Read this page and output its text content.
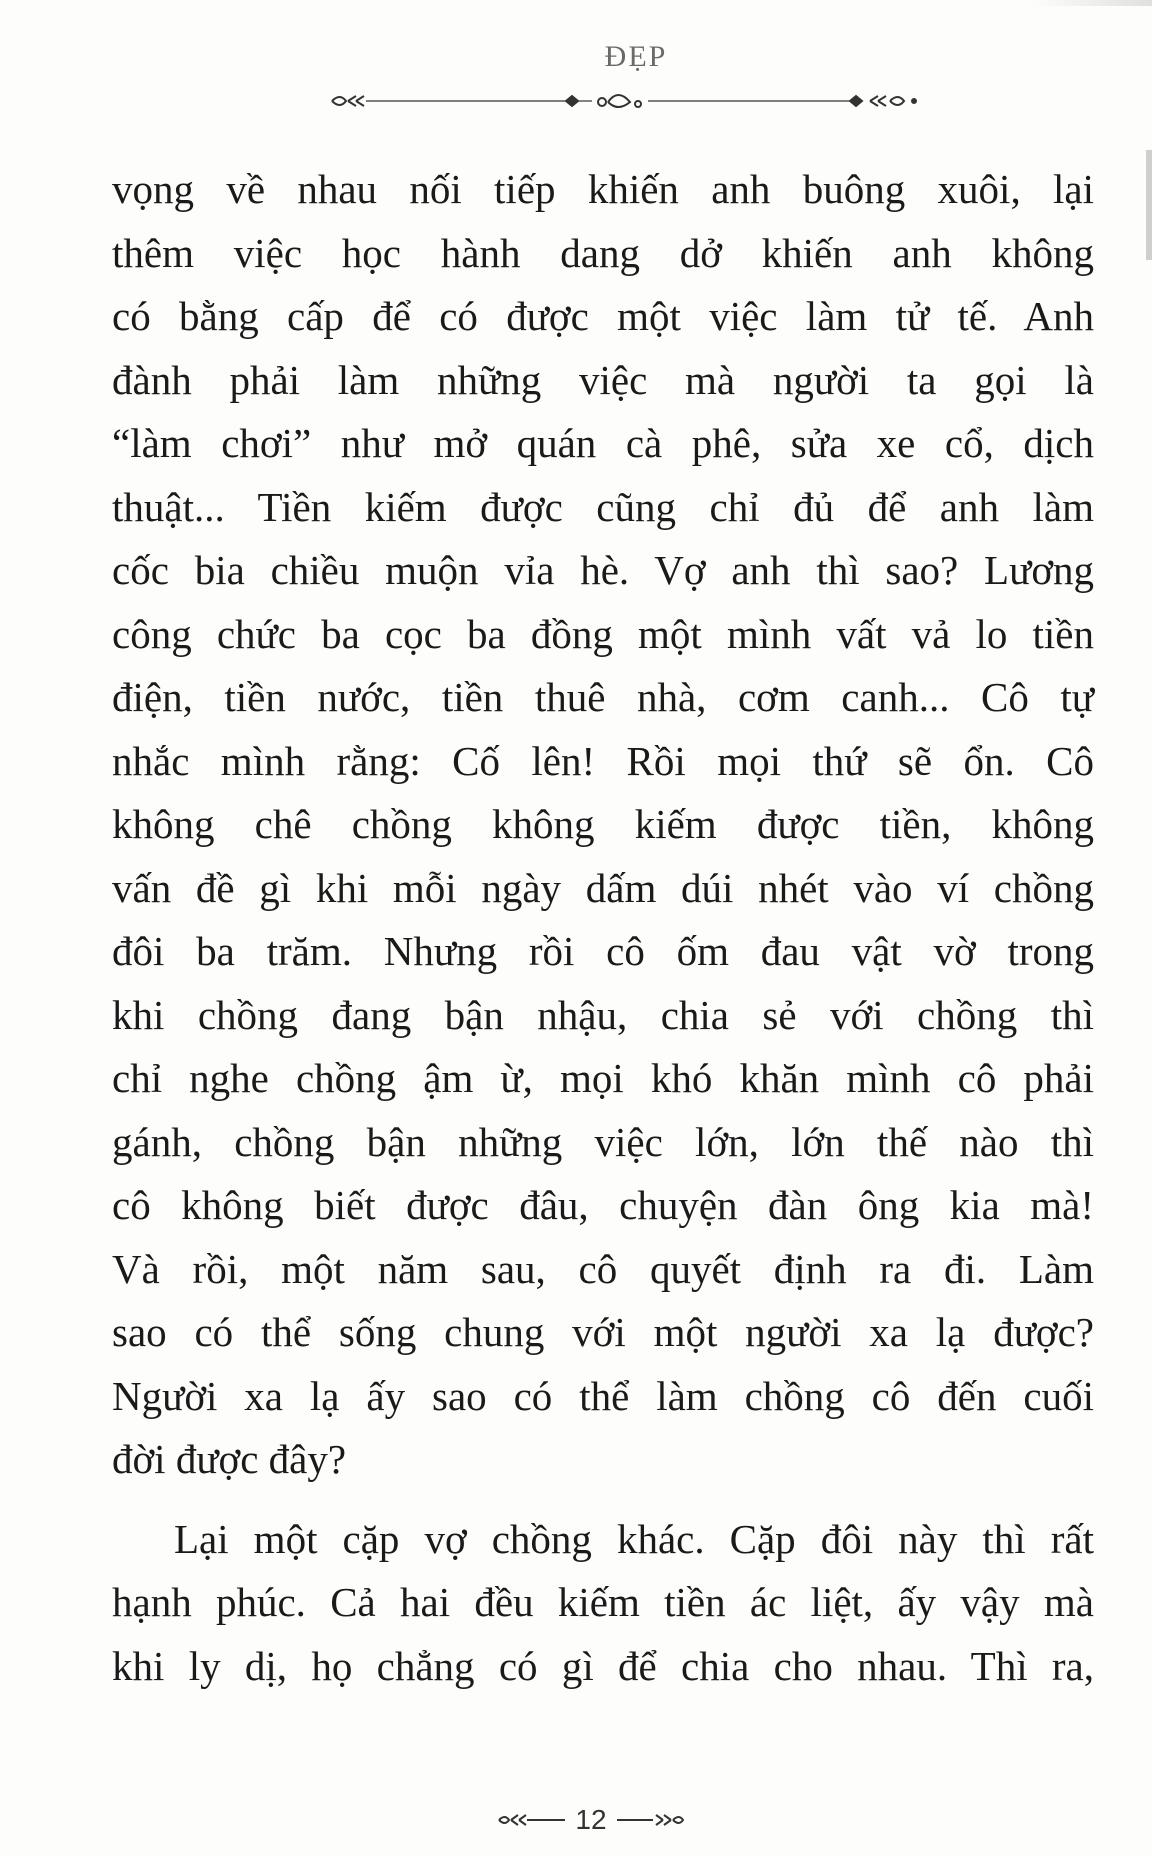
ĐẸP
vọng về nhau nối tiếp khiến anh buông xuôi, lại
thêm việc học hành dang dở khiến anh không
có bằng cấp để có được một việc làm tử tế. Anh
đành phải làm những việc mà người ta gọi là
“làm chơi” như mở quán cà phê, sửa xe cổ, dịch
thuật... Tiền kiếm được cũng chỉ đủ để anh làm
cốc bia chiều muộn vỉa hè. Vợ anh thì sao? Lương
công chức ba cọc ba đồng một mình vất vả lo tiền
điện, tiền nước, tiền thuê nhà, cơm canh... Cô tự
nhắc mình rằng: Cố lên! Rồi mọi thứ sẽ ổn. Cô
không chê chồng không kiếm được tiền, không
vấn đề gì khi mỗi ngày dấm dúi nhét vào ví chồng
đôi ba trăm. Nhưng rồi cô ốm đau vật vờ trong
khi chồng đang bận nhậu, chia sẻ với chồng thì
chỉ nghe chồng ậm ừ, mọi khó khăn mình cô phải
gánh, chồng bận những việc lớn, lớn thế nào thì
cô không biết được đâu, chuyện đàn ông kia mà!
Và rồi, một năm sau, cô quyết định ra đi. Làm
sao có thể sống chung với một người xa lạ được?
Người xa lạ ấy sao có thể làm chồng cô đến cuối
đời được đây?
Lại một cặp vợ chồng khác. Cặp đôi này thì rất
hạnh phúc. Cả hai đều kiếm tiền ác liệt, ấy vậy mà
khi ly dị, họ chẳng có gì để chia cho nhau. Thì ra,
12
